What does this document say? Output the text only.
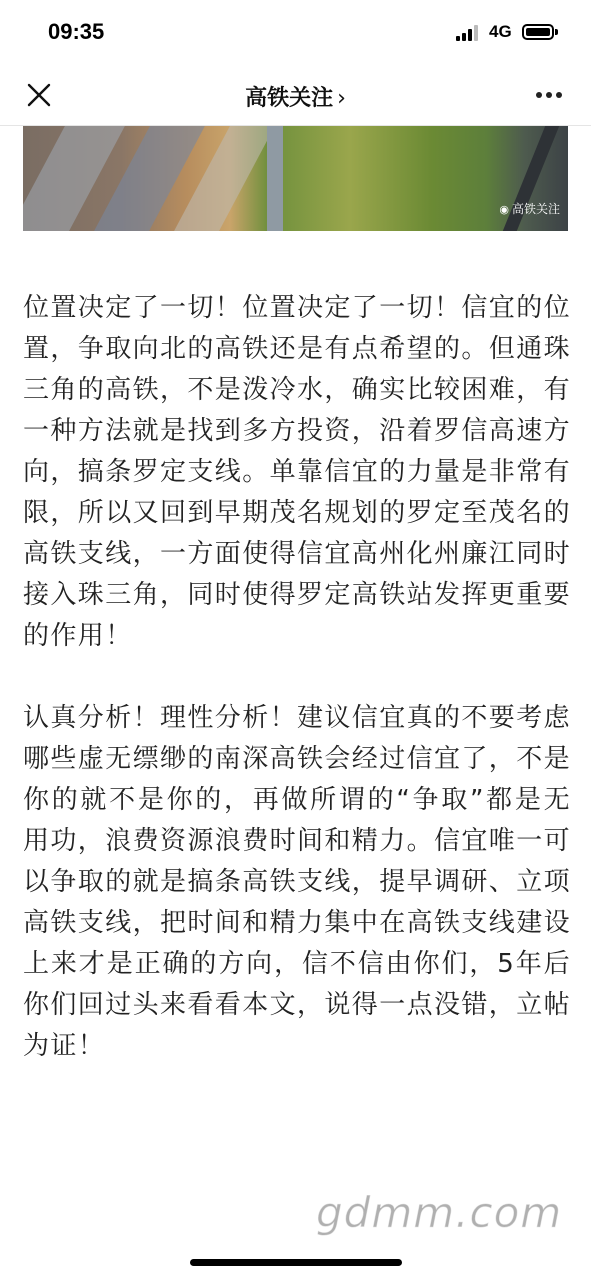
09:35	4G
高铁关注 ›
◉ 高铁关注

位置决定了一切！位置决定了一切！信宜的位置，争取向北的高铁还是有点希望的。但通珠三角的高铁，不是泼冷水，确实比较困难，有一种方法就是找到多方投资，沿着罗信高速方向，搞条罗定支线。单靠信宜的力量是非常有限，所以又回到早期茂名规划的罗定至茂名的高铁支线，一方面使得信宜高州化州廉江同时接入珠三角，同时使得罗定高铁站发挥更重要的作用！

认真分析！理性分析！建议信宜真的不要考虑哪些虚无缥缈的南深高铁会经过信宜了，不是你的就不是你的，再做所谓的“争取”都是无用功，浪费资源浪费时间和精力。信宜唯一可以争取的就是搞条高铁支线，提早调研、立项高铁支线，把时间和精力集中在高铁支线建设上来才是正确的方向，信不信由你们，5年后你们回过头来看看本文，说得一点没错，立帖为证！

gdmm.com
